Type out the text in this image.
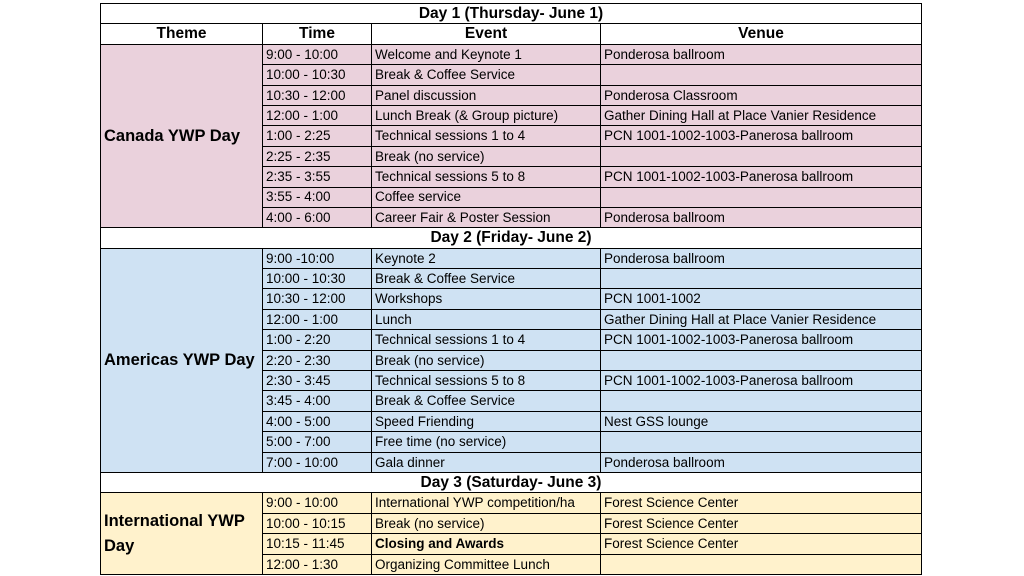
Day 1 (Thursday- June 1)			
Theme	Time	Event	Venue
Canada YWP Day	9:00 - 10:00	Welcome and Keynote 1	Ponderosa ballroom
	10:00 - 10:30	Break & Coffee Service	
	10:30 - 12:00	Panel discussion	Ponderosa Classroom
	12:00 - 1:00	Lunch Break (& Group picture)	Gather Dining Hall at Place Vanier Residence
	1:00 - 2:25	Technical sessions 1 to 4	PCN 1001-1002-1003-Panerosa ballroom
	2:25 - 2:35	Break (no service)	
	2:35 - 3:55	Technical sessions 5 to 8	PCN 1001-1002-1003-Panerosa ballroom
	3:55 - 4:00	Coffee service	
	4:00 - 6:00	Career Fair & Poster Session	Ponderosa ballroom
Day 2 (Friday- June 2)			
Americas YWP Day	9:00 -10:00	Keynote 2	Ponderosa ballroom
	10:00 - 10:30	Break & Coffee Service	
	10:30 - 12:00	Workshops	PCN 1001-1002
	12:00 - 1:00	Lunch	Gather Dining Hall at Place Vanier Residence
	1:00 - 2:20	Technical sessions 1 to 4	PCN 1001-1002-1003-Panerosa ballroom
	2:20 - 2:30	Break (no service)	
	2:30 - 3:45	Technical sessions 5 to 8	PCN 1001-1002-1003-Panerosa ballroom
	3:45 - 4:00	Break & Coffee Service	
	4:00 - 5:00	Speed Friending	Nest GSS lounge
	5:00 - 7:00	Free time (no service)	
	7:00 - 10:00	Gala dinner	Ponderosa ballroom
Day 3 (Saturday- June 3)			
International YWP Day	9:00 - 10:00	International YWP competition/ha	Forest Science Center
	10:00 - 10:15	Break (no service)	Forest Science Center
	10:15 - 11:45	Closing and Awards	Forest Science Center
	12:00 - 1:30	Organizing Committee Lunch	
